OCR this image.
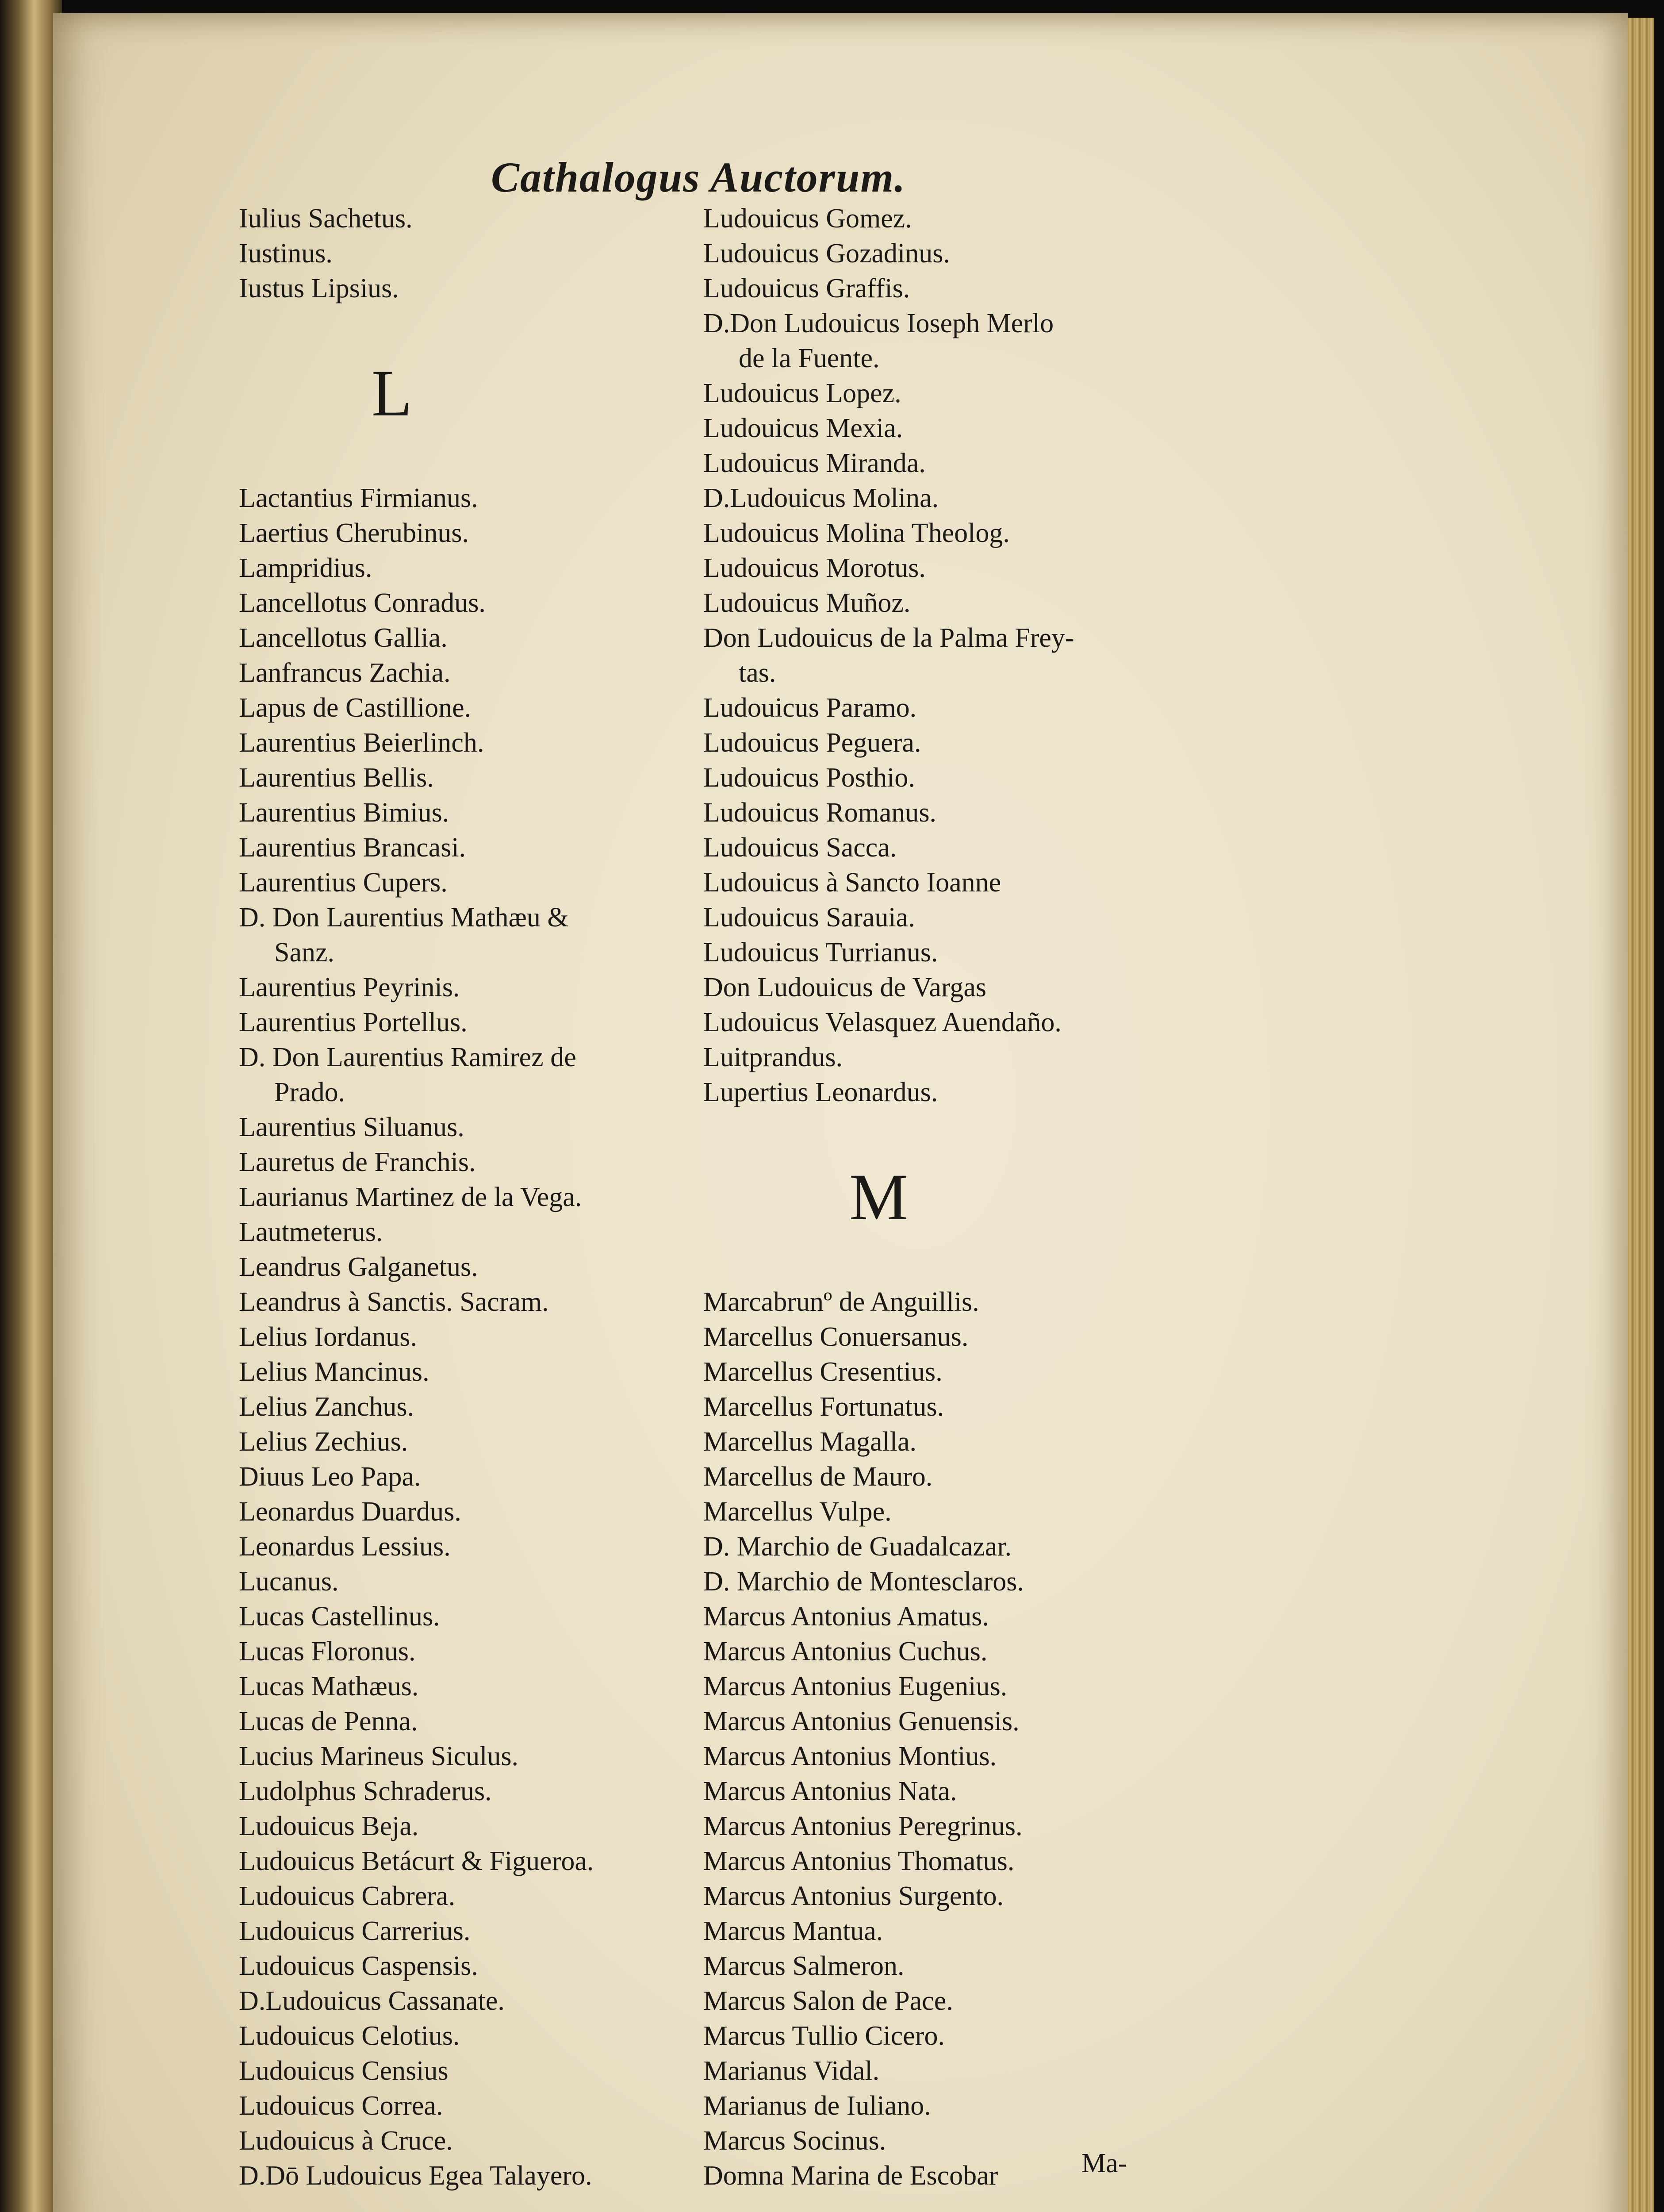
Cathalogus Auctorum.
Iulius Sachetus.
Iustinus.
Iustus Lipsius.
L
Lactantius Firmianus.
Laertius Cherubinus.
Lampridius.
Lancellotus Conradus.
Lancellotus Gallia.
Lanfrancus Zachia.
Lapus de Castillione.
Laurentius Beierlinch.
Laurentius Bellis.
Laurentius Bimius.
Laurentius Brancasi.
Laurentius Cupers.
D. Don Laurentius Mathæu &
Sanz.
Laurentius Peyrinis.
Laurentius Portellus.
D. Don Laurentius Ramirez de
Prado.
Laurentius Siluanus.
Lauretus de Franchis.
Laurianus Martinez de la Vega.
Lautmeterus.
Leandrus Galganetus.
Leandrus à Sanctis. Sacram.
Lelius Iordanus.
Lelius Mancinus.
Lelius Zanchus.
Lelius Zechius.
Diuus Leo Papa.
Leonardus Duardus.
Leonardus Lessius.
Lucanus.
Lucas Castellinus.
Lucas Floronus.
Lucas Mathæus.
Lucas de Penna.
Lucius Marineus Siculus.
Ludolphus Schraderus.
Ludouicus Beja.
Ludouicus Betácurt & Figueroa.
Ludouicus Cabrera.
Ludouicus Carrerius.
Ludouicus Caspensis.
D.Ludouicus Cassanate.
Ludouicus Celotius.
Ludouicus Censius
Ludouicus Correa.
Ludouicus à Cruce.
D.Dō Ludouicus Egea Talayero.
Ludouicus Gomez.
Ludouicus Gozadinus.
Ludouicus Graffis.
D.Don Ludouicus Ioseph Merlo
de la Fuente.
Ludouicus Lopez.
Ludouicus Mexia.
Ludouicus Miranda.
D.Ludouicus Molina.
Ludouicus Molina Theolog.
Ludouicus Morotus.
Ludouicus Muñoz.
Don Ludouicus de la Palma Frey-
tas.
Ludouicus Paramo.
Ludouicus Peguera.
Ludouicus Posthio.
Ludouicus Romanus.
Ludouicus Sacca.
Ludouicus à Sancto Ioanne
Ludouicus Sarauia.
Ludouicus Turrianus.
Don Ludouicus de Vargas
Ludouicus Velasquez Auendaño.
Luitprandus.
Lupertius Leonardus.
M
Marcabrunº de Anguillis.
Marcellus Conuersanus.
Marcellus Cresentius.
Marcellus Fortunatus.
Marcellus Magalla.
Marcellus de Mauro.
Marcellus Vulpe.
D. Marchio de Guadalcazar.
D. Marchio de Montesclaros.
Marcus Antonius Amatus.
Marcus Antonius Cuchus.
Marcus Antonius Eugenius.
Marcus Antonius Genuensis.
Marcus Antonius Montius.
Marcus Antonius Nata.
Marcus Antonius Peregrinus.
Marcus Antonius Thomatus.
Marcus Antonius Surgento.
Marcus Mantua.
Marcus Salmeron.
Marcus Salon de Pace.
Marcus Tullio Cicero.
Marianus Vidal.
Marianus de Iuliano.
Marcus Socinus.
Domna Marina de Escobar	Ma-
